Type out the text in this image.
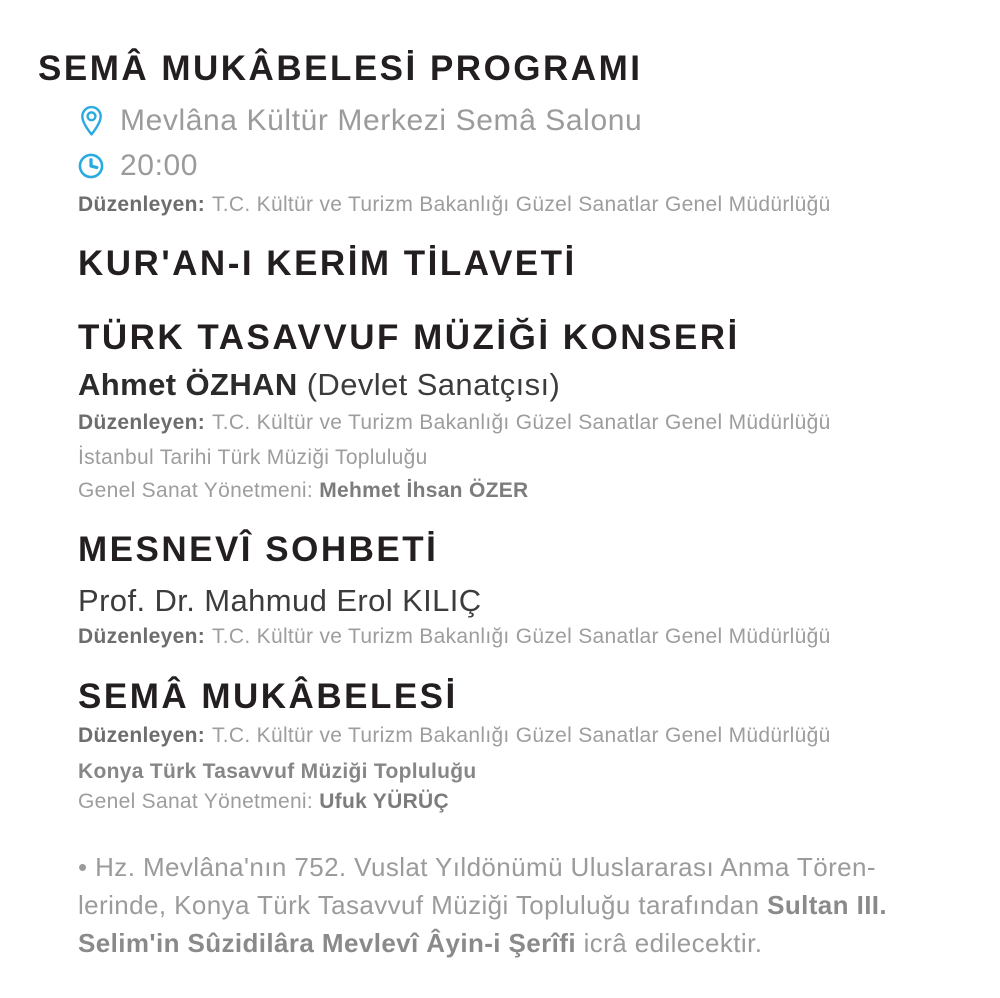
SEMÂ MUKÂBELESİ PROGRAMI
Mevlâna Kültür Merkezi Semâ Salonu
20:00
Düzenleyen: T.C. Kültür ve Turizm Bakanlığı Güzel Sanatlar Genel Müdürlüğü
KUR'AN-I KERİM TİLAVETİ
TÜRK TASAVVUF MÜZİĞİ KONSERİ
Ahmet ÖZHAN (Devlet Sanatçısı)
Düzenleyen: T.C. Kültür ve Turizm Bakanlığı Güzel Sanatlar Genel Müdürlüğü
İstanbul Tarihi Türk Müziği Topluluğu
Genel Sanat Yönetmeni: Mehmet İhsan ÖZER
MESNEVÎ SOHBETİ
Prof. Dr. Mahmud Erol KILIÇ
Düzenleyen: T.C. Kültür ve Turizm Bakanlığı Güzel Sanatlar Genel Müdürlüğü
SEMÂ MUKÂBELESİ
Düzenleyen: T.C. Kültür ve Turizm Bakanlığı Güzel Sanatlar Genel Müdürlüğü
Konya Türk Tasavvuf Müziği Topluluğu
Genel Sanat Yönetmeni: Ufuk YÜRÜÇ
• Hz. Mevlâna'nın 752. Vuslat Yıldönümü Uluslararası Anma Tören-
lerinde, Konya Türk Tasavvuf Müziği Topluluğu tarafından Sultan III.
Selim'in Sûzidilâra Mevlevî Âyin-i Şerîfi icrâ edilecektir.
